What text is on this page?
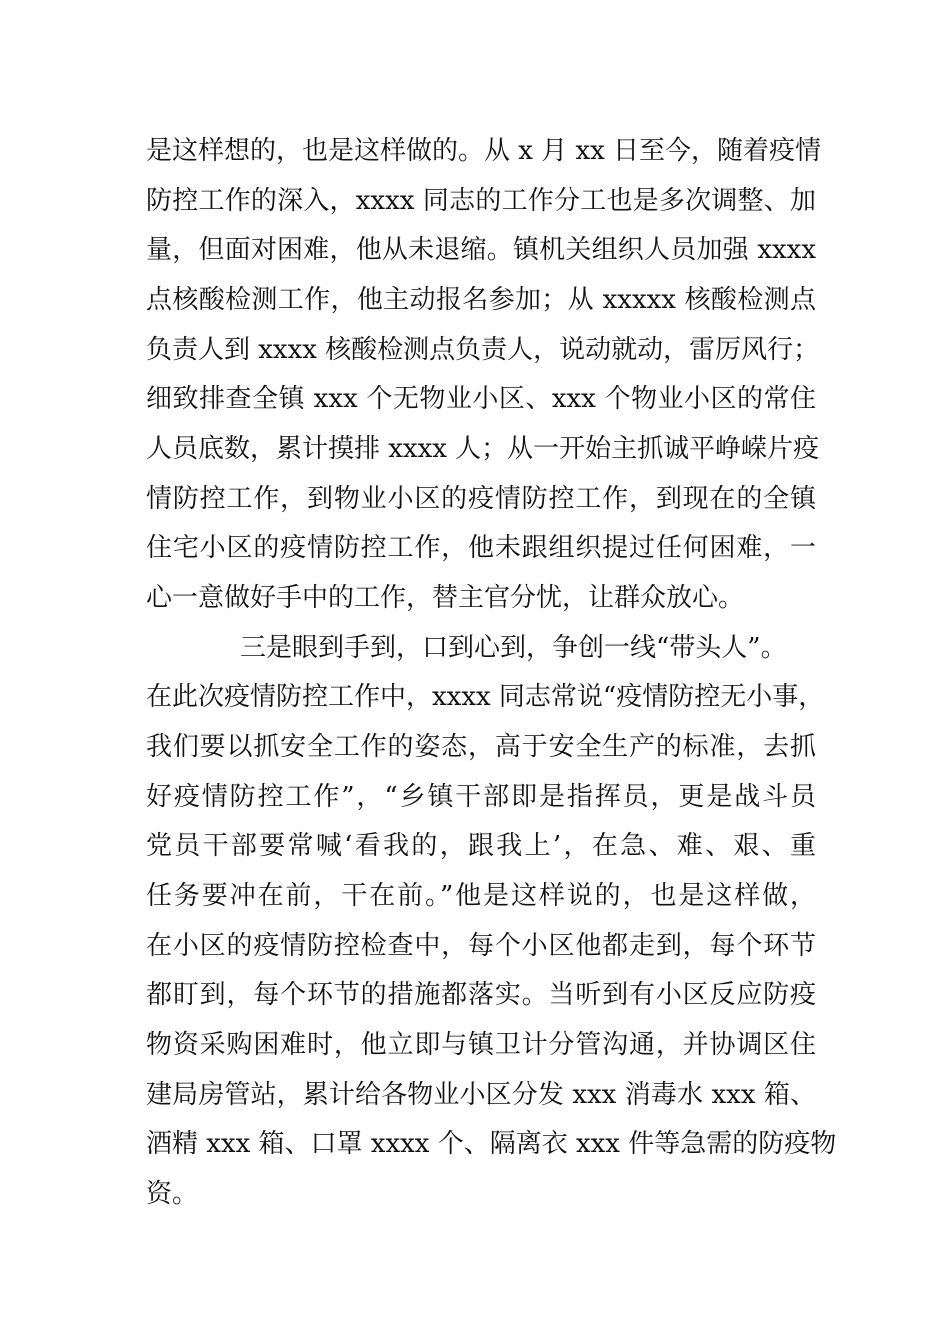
是这样想的，也是这样做的。从 x 月 xx 日至今，随着疫情
防控工作的深入，xxxx 同志的工作分工也是多次调整、加
量，但面对困难，他从未退缩。镇机关组织人员加强 xxxx
点核酸检测工作，他主动报名参加；从 xxxxx 核酸检测点
负责人到 xxxx 核酸检测点负责人，说动就动，雷厉风行；
细致排查全镇 xxx 个无物业小区、xxx 个物业小区的常住
人员底数，累计摸排 xxxx 人；从一开始主抓诚平峥嵘片疫
情防控工作，到物业小区的疫情防控工作，到现在的全镇
住宅小区的疫情防控工作，他未跟组织提过任何困难，一
心一意做好手中的工作，替主官分忧，让群众放心。
三是眼到手到，口到心到，争创一线“带头人”。
在此次疫情防控工作中，xxxx 同志常说“疫情防控无小事，
我们要以抓安全工作的姿态，高于安全生产的标准，去抓
好疫情防控工作”，“乡镇干部即是指挥员，更是战斗员
党员干部要常喊‘看我的，跟我上’，在急、难、艰、重
任务要冲在前，干在前。”他是这样说的，也是这样做，
在小区的疫情防控检查中，每个小区他都走到，每个环节
都盯到，每个环节的措施都落实。当听到有小区反应防疫
物资采购困难时，他立即与镇卫计分管沟通，并协调区住
建局房管站，累计给各物业小区分发 xxx 消毒水 xxx 箱、
酒精 xxx 箱、口罩 xxxx 个、隔离衣 xxx 件等急需的防疫物
资。
